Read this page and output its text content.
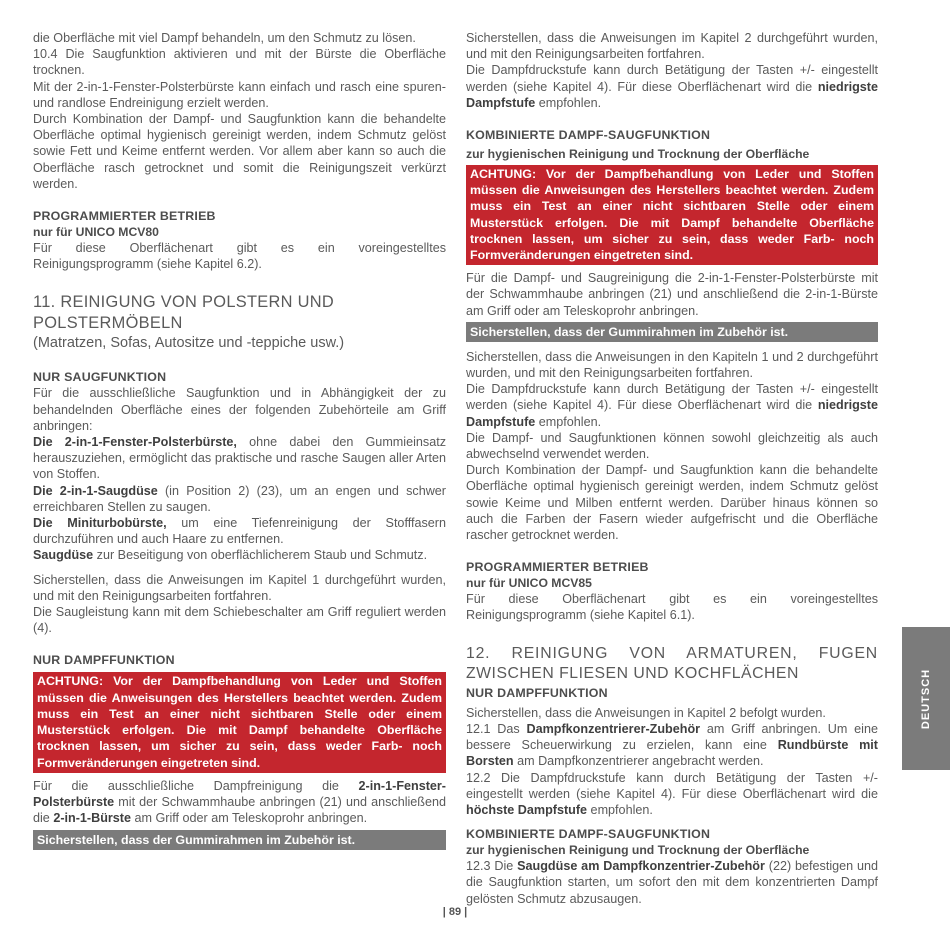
die Oberfläche mit viel Dampf behandeln, um den Schmutz zu lösen.

10.4 Die Saugfunktion aktivieren und mit der Bürste die Oberfläche trocknen.

Mit der 2-in-1-Fenster-Polsterbürste kann einfach und rasch eine spuren- und randlose Endreinigung erzielt werden.

Durch Kombination der Dampf- und Saugfunktion kann die behandelte Oberfläche optimal hygienisch gereinigt werden, indem Schmutz gelöst sowie Fett und Keime entfernt werden. Vor allem aber kann so auch die Oberfläche rasch getrocknet und somit die Reinigungszeit verkürzt werden.

PROGRAMMIERTER BETRIEB
nur für UNICO MCV80

Für diese Oberflächenart gibt es ein voreingestelltes Reinigungsprogramm (siehe Kapitel 6.2).

11. REINIGUNG VON POLSTERN UND
POLSTERMÖBELN
(Matratzen, Sofas, Autositze und -teppiche usw.)
NUR SAUGFUNKTION

Für die ausschließliche Saugfunktion und in Abhängigkeit der zu behandelnden Oberfläche eines der folgenden Zubehörteile am Griff anbringen:

Die 2-in-1-Fenster-Polsterbürste, ohne dabei den Gummieinsatz herauszuziehen, ermöglicht das praktische und rasche Saugen aller Arten von Stoffen.

Die 2-in-1-Saugdüse (in Position 2) (23), um an engen und schwer erreichbaren Stellen zu saugen.

Die Miniturbobürste, um eine Tiefenreinigung der Stofffasern durchzuführen und auch Haare zu entfernen.

Saugdüse zur Beseitigung von oberflächlicherem Staub und Schmutz.

Sicherstellen, dass die Anweisungen im Kapitel 1 durchgeführt wurden, und mit den Reinigungsarbeiten fortfahren.

Die Saugleistung kann mit dem Schiebeschalter am Griff reguliert werden (4).

NUR DAMPFFUNKTION
ACHTUNG: Vor der Dampfbehandlung von Leder und Stoffen müssen die Anweisungen des Herstellers beachtet werden. Zudem muss ein Test an einer nicht sichtbaren Stelle oder einem Musterstück erfolgen. Die mit Dampf behandelte Oberfläche trocknen lassen, um sicher zu sein, dass weder Farb- noch Formveränderungen eingetreten sind.

Für die ausschließliche Dampfreinigung die 2-in-1-Fenster-Polsterbürste mit der Schwammhaube anbringen (21) und anschließend die 2-in-1-Bürste am Griff oder am Teleskoprohr anbringen.

Sicherstellen, dass der Gummirahmen im Zubehör ist.

Sicherstellen, dass die Anweisungen im Kapitel 2 durchgeführt wurden, und mit den Reinigungsarbeiten fortfahren.

Die Dampfdruckstufe kann durch Betätigung der Tasten +/- eingestellt werden (siehe Kapitel 4). Für diese Oberflächenart wird die niedrigste Dampfstufe empfohlen.

KOMBINIERTE DAMPF-SAUGFUNKTION
zur hygienischen Reinigung und Trocknung der Oberfläche
ACHTUNG: Vor der Dampfbehandlung von Leder und Stoffen müssen die Anweisungen des Herstellers beachtet werden. Zudem muss ein Test an einer nicht sichtbaren Stelle oder einem Musterstück erfolgen. Die mit Dampf behandelte Oberfläche trocknen lassen, um sicher zu sein, dass weder Farb- noch Formveränderungen eingetreten sind.

Für die Dampf- und Saugreinigung die 2-in-1-Fenster-Polsterbürste mit der Schwammhaube anbringen (21) und anschließend die 2-in-1-Bürste am Griff oder am Teleskoprohr anbringen.

Sicherstellen, dass der Gummirahmen im Zubehör ist.

Sicherstellen, dass die Anweisungen in den Kapiteln 1 und 2 durchgeführt wurden, und mit den Reinigungsarbeiten fortfahren.

Die Dampfdruckstufe kann durch Betätigung der Tasten +/- eingestellt werden (siehe Kapitel 4). Für diese Oberflächenart wird die niedrigste Dampfstufe empfohlen.

Die Dampf- und Saugfunktionen können sowohl gleichzeitig als auch abwechselnd verwendet werden.

Durch Kombination der Dampf- und Saugfunktion kann die behandelte Oberfläche optimal hygienisch gereinigt werden, indem Schmutz gelöst sowie Keime und Milben entfernt werden. Darüber hinaus können so auch die Farben der Fasern wieder aufgefrischt und die Oberfläche rascher getrocknet werden.

PROGRAMMIERTER BETRIEB
nur für UNICO MCV85

Für diese Oberflächenart gibt es ein voreingestelltes Reinigungsprogramm (siehe Kapitel 6.1).

12. REINIGUNG VON ARMATUREN, FUGEN
ZWISCHEN FLIESEN UND KOCHFLÄCHEN
NUR DAMPFFUNKTION

Sicherstellen, dass die Anweisungen in Kapitel 2 befolgt wurden.

12.1 Das Dampfkonzentrierer-Zubehör am Griff anbringen. Um eine bessere Scheuerwirkung zu erzielen, kann eine Rundbürste mit Borsten am Dampfkonzentrierer angebracht werden.

12.2 Die Dampfdruckstufe kann durch Betätigung der Tasten +/- eingestellt werden (siehe Kapitel 4). Für diese Oberflächenart wird die höchste Dampfstufe empfohlen.

KOMBINIERTE DAMPF-SAUGFUNKTION
zur hygienischen Reinigung und Trocknung der Oberfläche

12.3 Die Saugdüse am Dampfkonzentrier-Zubehör (22) befestigen und die Saugfunktion starten, um sofort den mit dem konzentrierten Dampf gelösten Schmutz abzusaugen.

DEUTSCH
| 89 |
